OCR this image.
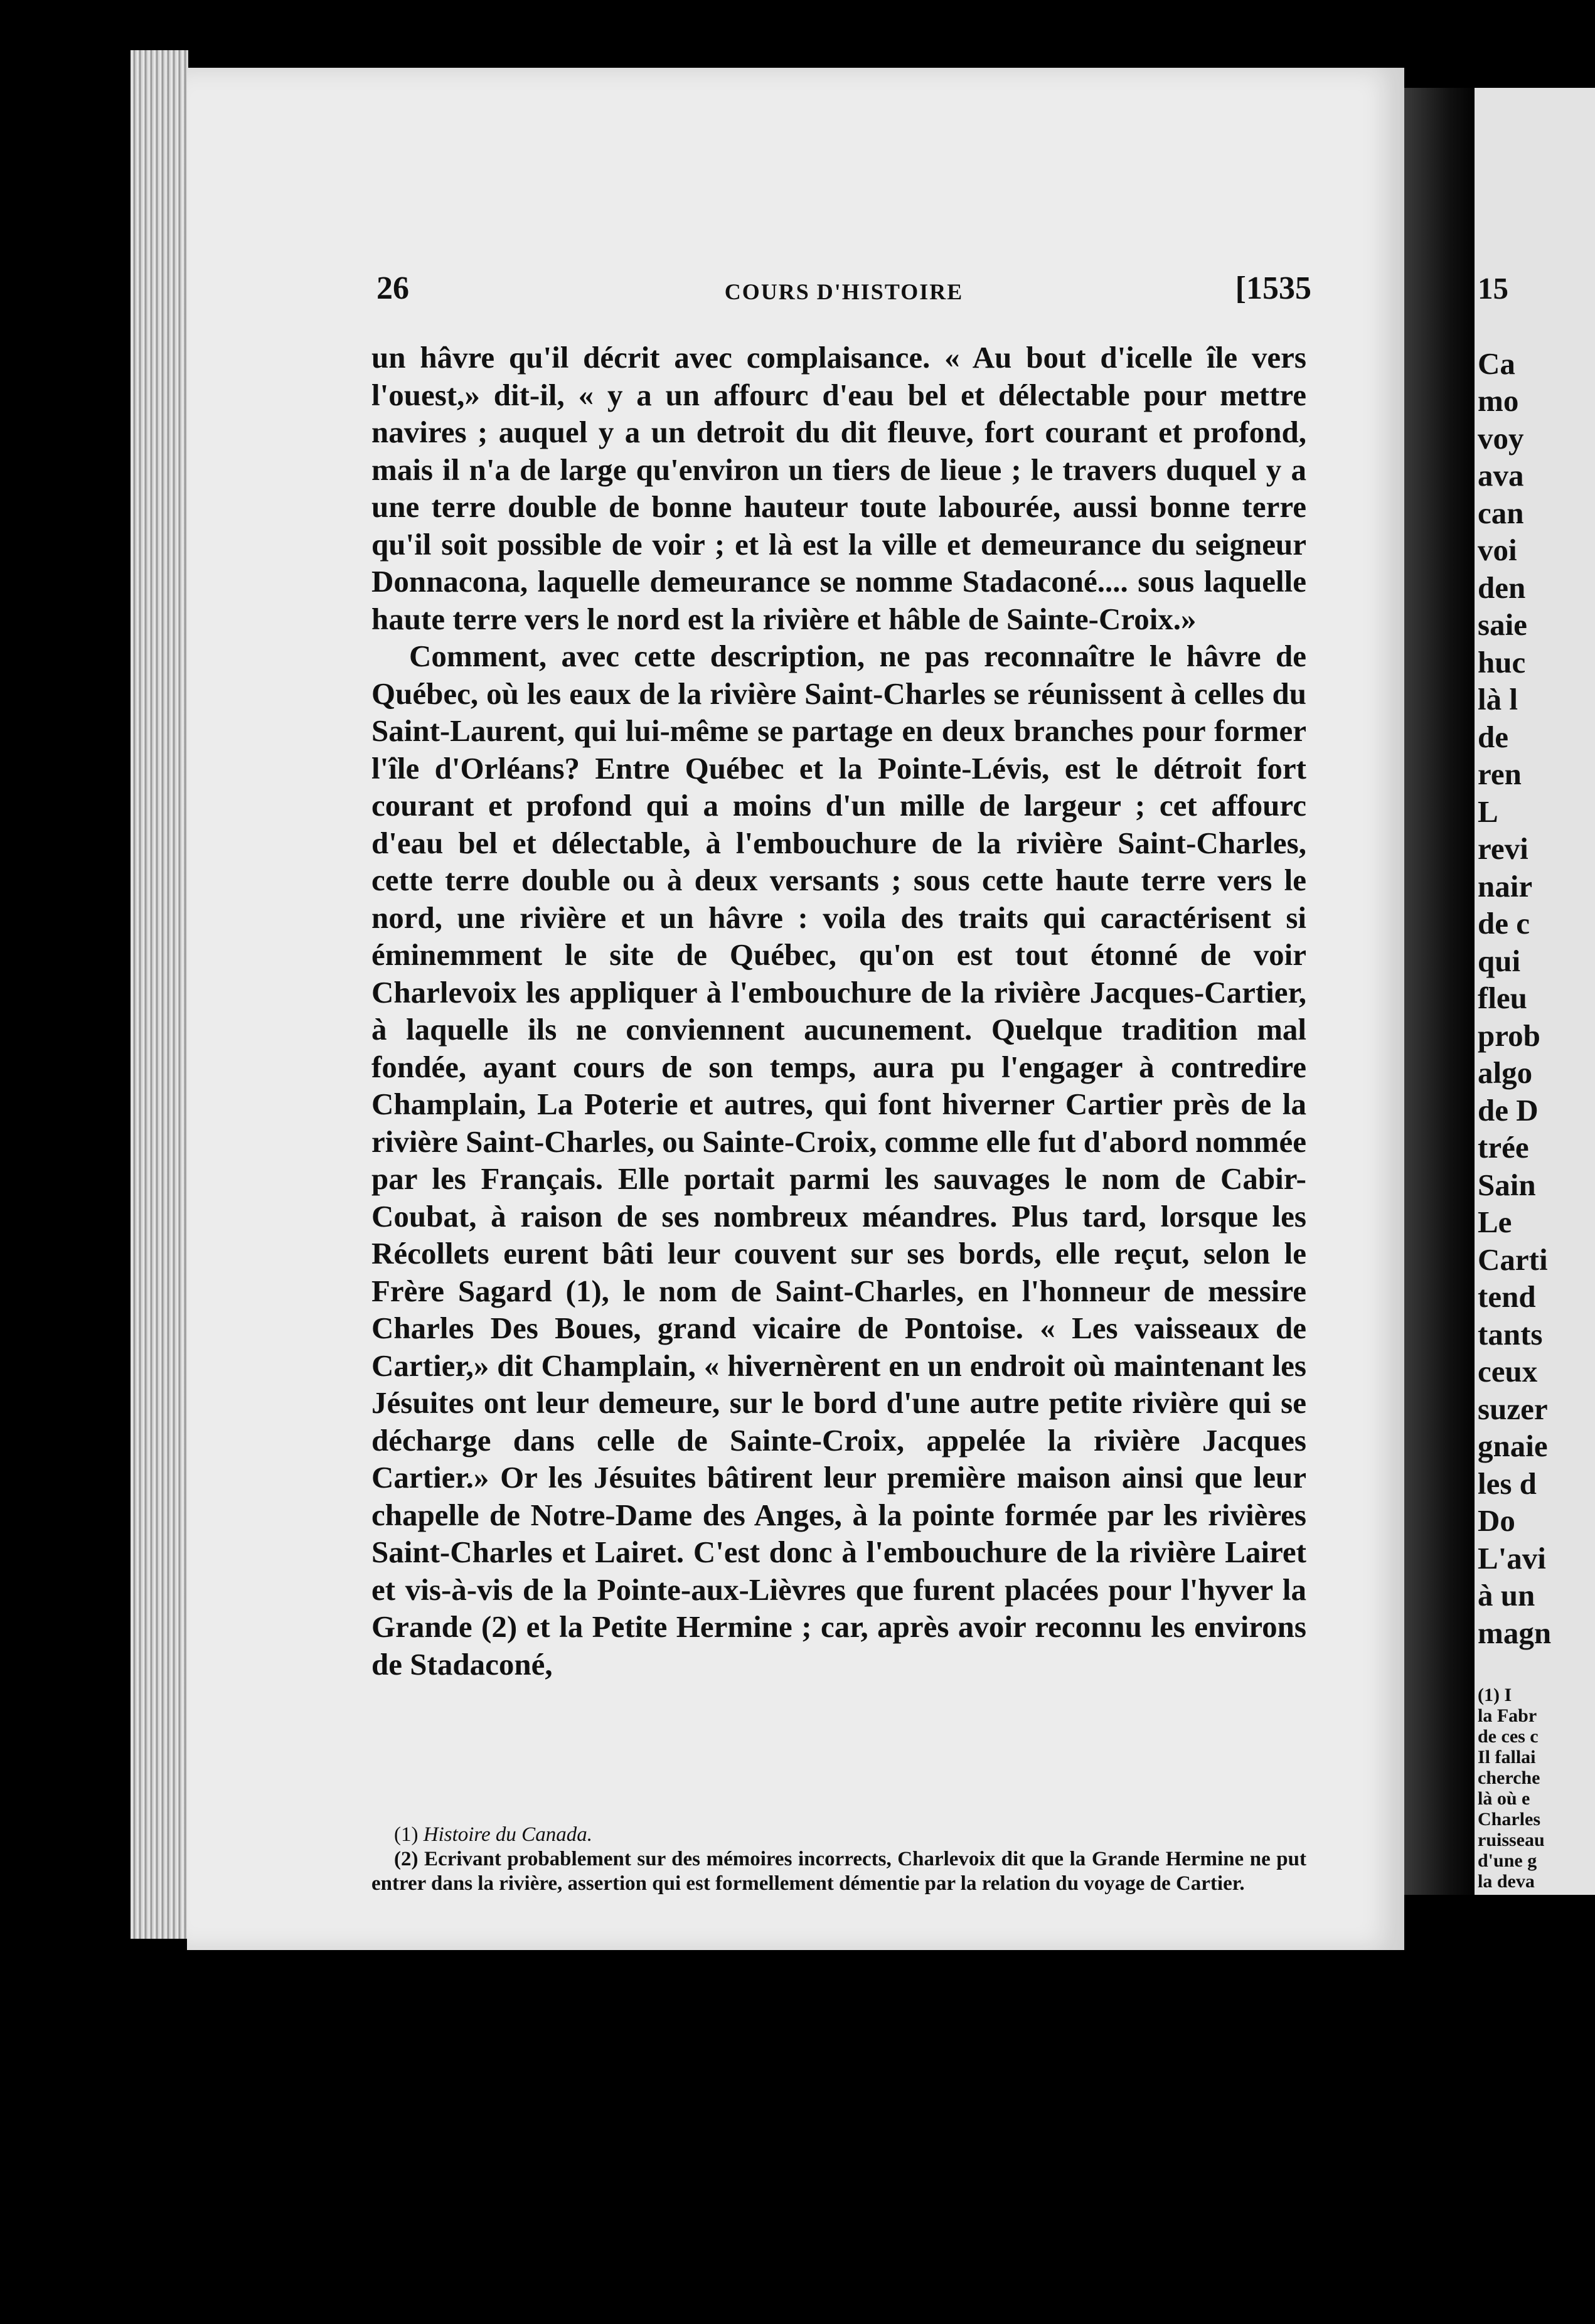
26	COURS D'HISTOIRE	[1535

un hâvre qu'il décrit avec complaisance. « Au bout d'icelle île vers l'ouest,» dit-il, « y a un affourc d'eau bel et délectable pour mettre navires ; auquel y a un detroit du dit fleuve, fort courant et profond, mais il n'a de large qu'environ un tiers de lieue ; le travers duquel y a une terre double de bonne hauteur toute labourée, aussi bonne terre qu'il soit possible de voir ; et là est la ville et demeurance du seigneur Donnacona, laquelle demeurance se nomme Stadaconé.... sous laquelle haute terre vers le nord est la rivière et hâble de Sainte-Croix.»

Comment, avec cette description, ne pas reconnaître le hâvre de Québec, où les eaux de la rivière Saint-Charles se réunissent à celles du Saint-Laurent, qui lui-même se partage en deux branches pour former l'île d'Orléans? Entre Québec et la Pointe-Lévis, est le détroit fort courant et profond qui a moins d'un mille de largeur ; cet affourc d'eau bel et délectable, à l'embouchure de la rivière Saint-Charles, cette terre double ou à deux versants ; sous cette haute terre vers le nord, une rivière et un hâvre : voila des traits qui caractérisent si éminemment le site de Québec, qu'on est tout étonné de voir Charlevoix les appliquer à l'embouchure de la rivière Jacques-Cartier, à laquelle ils ne conviennent aucunement. Quelque tradition mal fondée, ayant cours de son temps, aura pu l'engager à contredire Champlain, La Poterie et autres, qui font hiverner Cartier près de la rivière Saint-Charles, ou Sainte-Croix, comme elle fut d'abord nommée par les Français. Elle portait parmi les sauvages le nom de Cabir-Coubat, à raison de ses nombreux méandres. Plus tard, lorsque les Récollets eurent bâti leur couvent sur ses bords, elle reçut, selon le Frère Sagard (1), le nom de Saint-Charles, en l'honneur de messire Charles Des Boues, grand vicaire de Pontoise. « Les vaisseaux de Cartier,» dit Champlain, « hivernèrent en un endroit où maintenant les Jésuites ont leur demeure, sur le bord d'une autre petite rivière qui se décharge dans celle de Sainte-Croix, appelée la rivière Jacques Cartier.» Or les Jésuites bâtirent leur première maison ainsi que leur chapelle de Notre-Dame des Anges, à la pointe formée par les rivières Saint-Charles et Lairet. C'est donc à l'embouchure de la rivière Lairet et vis-à-vis de la Pointe-aux-Lièvres que furent placées pour l'hyver la Grande (2) et la Petite Hermine ; car, après avoir reconnu les environs de Stadaconé,

(1) Histoire du Canada.

(2) Ecrivant probablement sur des mémoires incorrects, Charlevoix dit que la Grande Hermine ne put entrer dans la rivière, assertion qui est formellement démentie par la relation du voyage de Cartier.

15
Ca
mo
voy
ava
can
voi
den
saie
huc
là l
de
ren
L
revi
nair
de c
qui
fleu
prob
algo
de D
trée
Sain
Le
Carti
tend
tants
ceux
suzer
gnaie
les d
Do
L'avi
à un
magn
(1) I
la Fabr
de ces c
Il fallai
cherche
là où e
Charles
ruisseau
d'une g
la deva
